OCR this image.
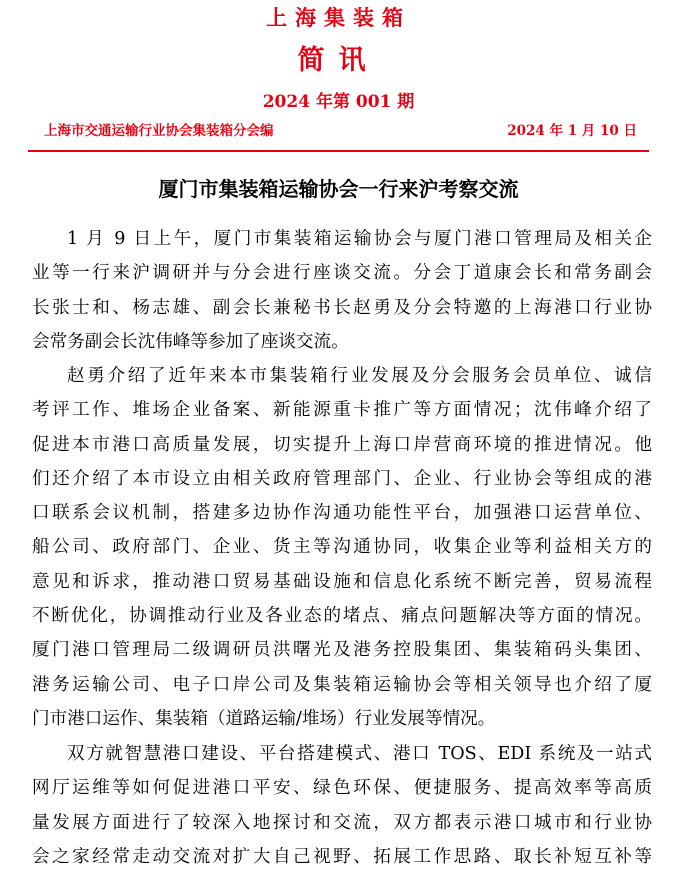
上海集装箱
简讯
2024 年第 001 期
上海市交通运输行业协会集装箱分会编	2024 年 1 月 10 日
厦门市集装箱运输协会一行来沪考察交流
1 月 9 日上午，厦门市集装箱运输协会与厦门港口管理局及相关企
业等一行来沪调研并与分会进行座谈交流。分会丁道康会长和常务副会
长张士和、杨志雄、副会长兼秘书长赵勇及分会特邀的上海港口行业协
会常务副会长沈伟峰等参加了座谈交流。
赵勇介绍了近年来本市集装箱行业发展及分会服务会员单位、诚信
考评工作、堆场企业备案、新能源重卡推广等方面情况；沈伟峰介绍了
促进本市港口高质量发展，切实提升上海口岸营商环境的推进情况。他
们还介绍了本市设立由相关政府管理部门、企业、行业协会等组成的港
口联系会议机制，搭建多边协作沟通功能性平台，加强港口运营单位、
船公司、政府部门、企业、货主等沟通协同，收集企业等利益相关方的
意见和诉求，推动港口贸易基础设施和信息化系统不断完善，贸易流程
不断优化，协调推动行业及各业态的堵点、痛点问题解决等方面的情况。
厦门港口管理局二级调研员洪曙光及港务控股集团、集装箱码头集团、
港务运输公司、电子口岸公司及集装箱运输协会等相关领导也介绍了厦
门市港口运作、集装箱（道路运输/堆场）行业发展等情况。
双方就智慧港口建设、平台搭建模式、港口 TOS、EDI 系统及一站式
网厅运维等如何促进港口平安、绿色环保、便捷服务、提高效率等高质
量发展方面进行了较深入地探讨和交流，双方都表示港口城市和行业协
会之家经常走动交流对扩大自己视野、拓展工作思路、取长补短互补等
